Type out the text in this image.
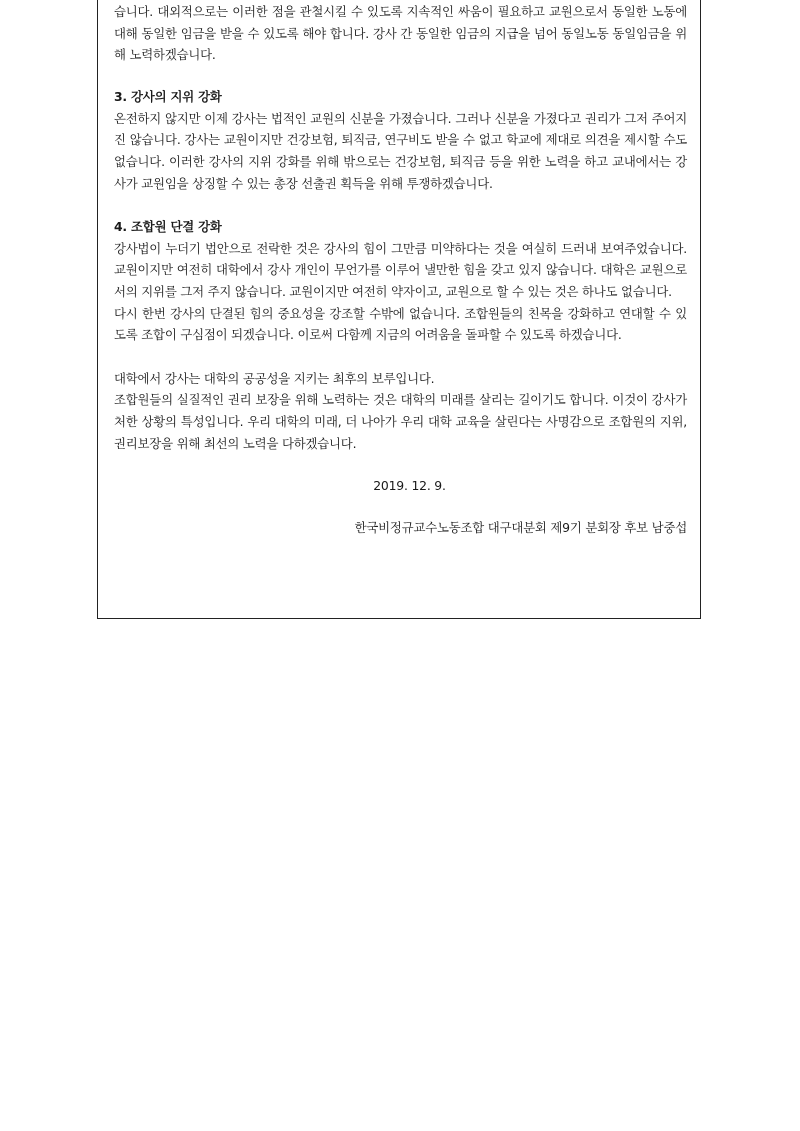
습니다. 대외적으로는 이러한 점을 관철시킬 수 있도록 지속적인 싸움이 필요하고 교원으로서 동일한 노동에 대해 동일한 임금을 받을 수 있도록 해야 합니다. 강사 간 동일한 임금의 지급을 넘어 동일노동 동일임금을 위해 노력하겠습니다.

3. 강사의 지위 강화

온전하지 않지만 이제 강사는 법적인 교원의 신분을 가졌습니다. 그러나 신분을 가졌다고 권리가 그저 주어지진 않습니다. 강사는 교원이지만 건강보험, 퇴직금, 연구비도 받을 수 없고 학교에 제대로 의견을 제시할 수도 없습니다. 이러한 강사의 지위 강화를 위해 밖으로는 건강보험, 퇴직금 등을 위한 노력을 하고 교내에서는 강사가 교원임을 상징할 수 있는 총장 선출권 획득을 위해 투쟁하겠습니다.

4. 조합원 단결 강화

강사법이 누더기 법안으로 전락한 것은 강사의 힘이 그만큼 미약하다는 것을 여실히 드러내 보여주었습니다. 교원이지만 여전히 대학에서 강사 개인이 무언가를 이루어 낼만한 힘을 갖고 있지 않습니다. 대학은 교원으로서의 지위를 그저 주지 않습니다. 교원이지만 여전히 약자이고, 교원으로 할 수 있는 것은 하나도 없습니다.

다시 한번 강사의 단결된 힘의 중요성을 강조할 수밖에 없습니다. 조합원들의 친목을 강화하고 연대할 수 있도록 조합이 구심점이 되겠습니다. 이로써 다함께 지금의 어려움을 돌파할 수 있도록 하겠습니다.

대학에서 강사는 대학의 공공성을 지키는 최후의 보루입니다.

조합원들의 실질적인 권리 보장을 위해 노력하는 것은 대학의 미래를 살리는 길이기도 합니다. 이것이 강사가 처한 상황의 특성입니다. 우리 대학의 미래, 더 나아가 우리 대학 교육을 살린다는 사명감으로 조합원의 지위, 권리보장을 위해 최선의 노력을 다하겠습니다.

2019. 12. 9.

한국비정규교수노동조합 대구대분회 제9기 분회장 후보 남중섭
